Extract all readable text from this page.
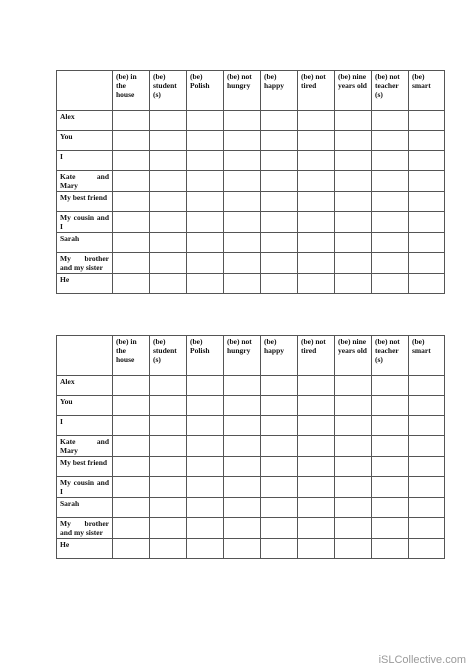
	(be) in the house	(be) student (s)	(be) Polish	(be) not hungry	(be) happy	(be) not tired	(be) nine years old	(be) not teacher (s)	(be) smart
Alex									
You									
I									
Kate and Mary									
My best friend									
My cousin and I									
Sarah									
My brother and my sister									
He									
	(be) in the house	(be) student (s)	(be) Polish	(be) not hungry	(be) happy	(be) not tired	(be) nine years old	(be) not teacher (s)	(be) smart
Alex									
You									
I									
Kate and Mary									
My best friend									
My cousin and I									
Sarah									
My brother and my sister									
He									
iSLCollective.com
